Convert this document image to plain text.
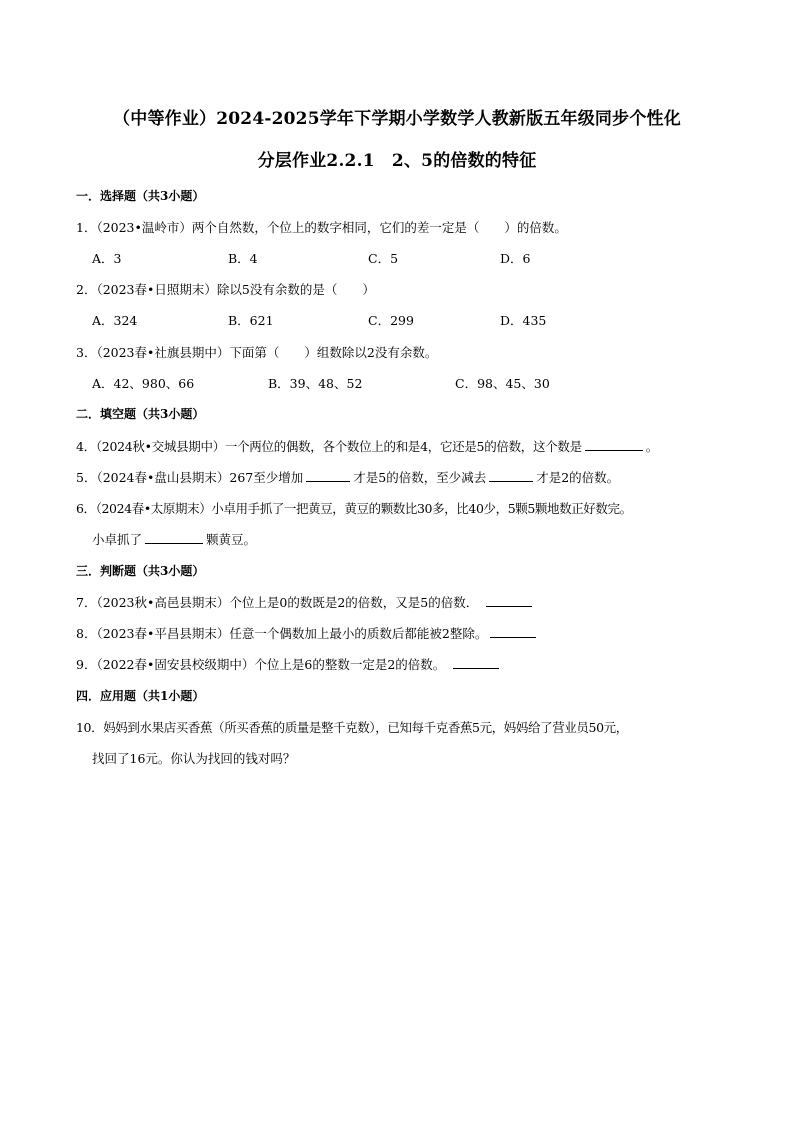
（中等作业）2024-2025学年下学期小学数学人教新版五年级同步个性化
分层作业2.2.1　2、5的倍数的特征
一．选择题（共3小题）
1．（2023•温岭市）两个自然数，个位上的数字相同，它们的差一定是（　　）的倍数。
A．3	B．4	C．5	D．6
2．（2023春•日照期末）除以5没有余数的是（　　）
A．324	B．621	C．299	D．435
3．（2023春•社旗县期中）下面第（　　）组数除以2没有余数。
A．42、980、66	B．39、48、52	C．98、45、30
二．填空题（共3小题）
4．（2024秋•交城县期中）一个两位的偶数，各个数位上的和是4，它还是5的倍数，这个数是	。
5．（2024春•盘山县期末）267至少增加	才是5的倍数，至少减去	才是2的倍数。
6．（2024春•太原期末）小卓用手抓了一把黄豆，黄豆的颗数比30多，比40少，5颗5颗地数正好数完。
小卓抓了	颗黄豆。
三．判断题（共3小题）
7．（2023秋•高邑县期末）个位上是0的数既是2的倍数，又是5的倍数．
8．（2023春•平昌县期末）任意一个偶数加上最小的质数后都能被2整除。
9．（2022春•固安县校级期中）个位上是6的整数一定是2的倍数。
四．应用题（共1小题）
10．妈妈到水果店买香蕉（所买香蕉的质量是整千克数），已知每千克香蕉5元，妈妈给了营业员50元，
找回了16元。你认为找回的钱对吗？
